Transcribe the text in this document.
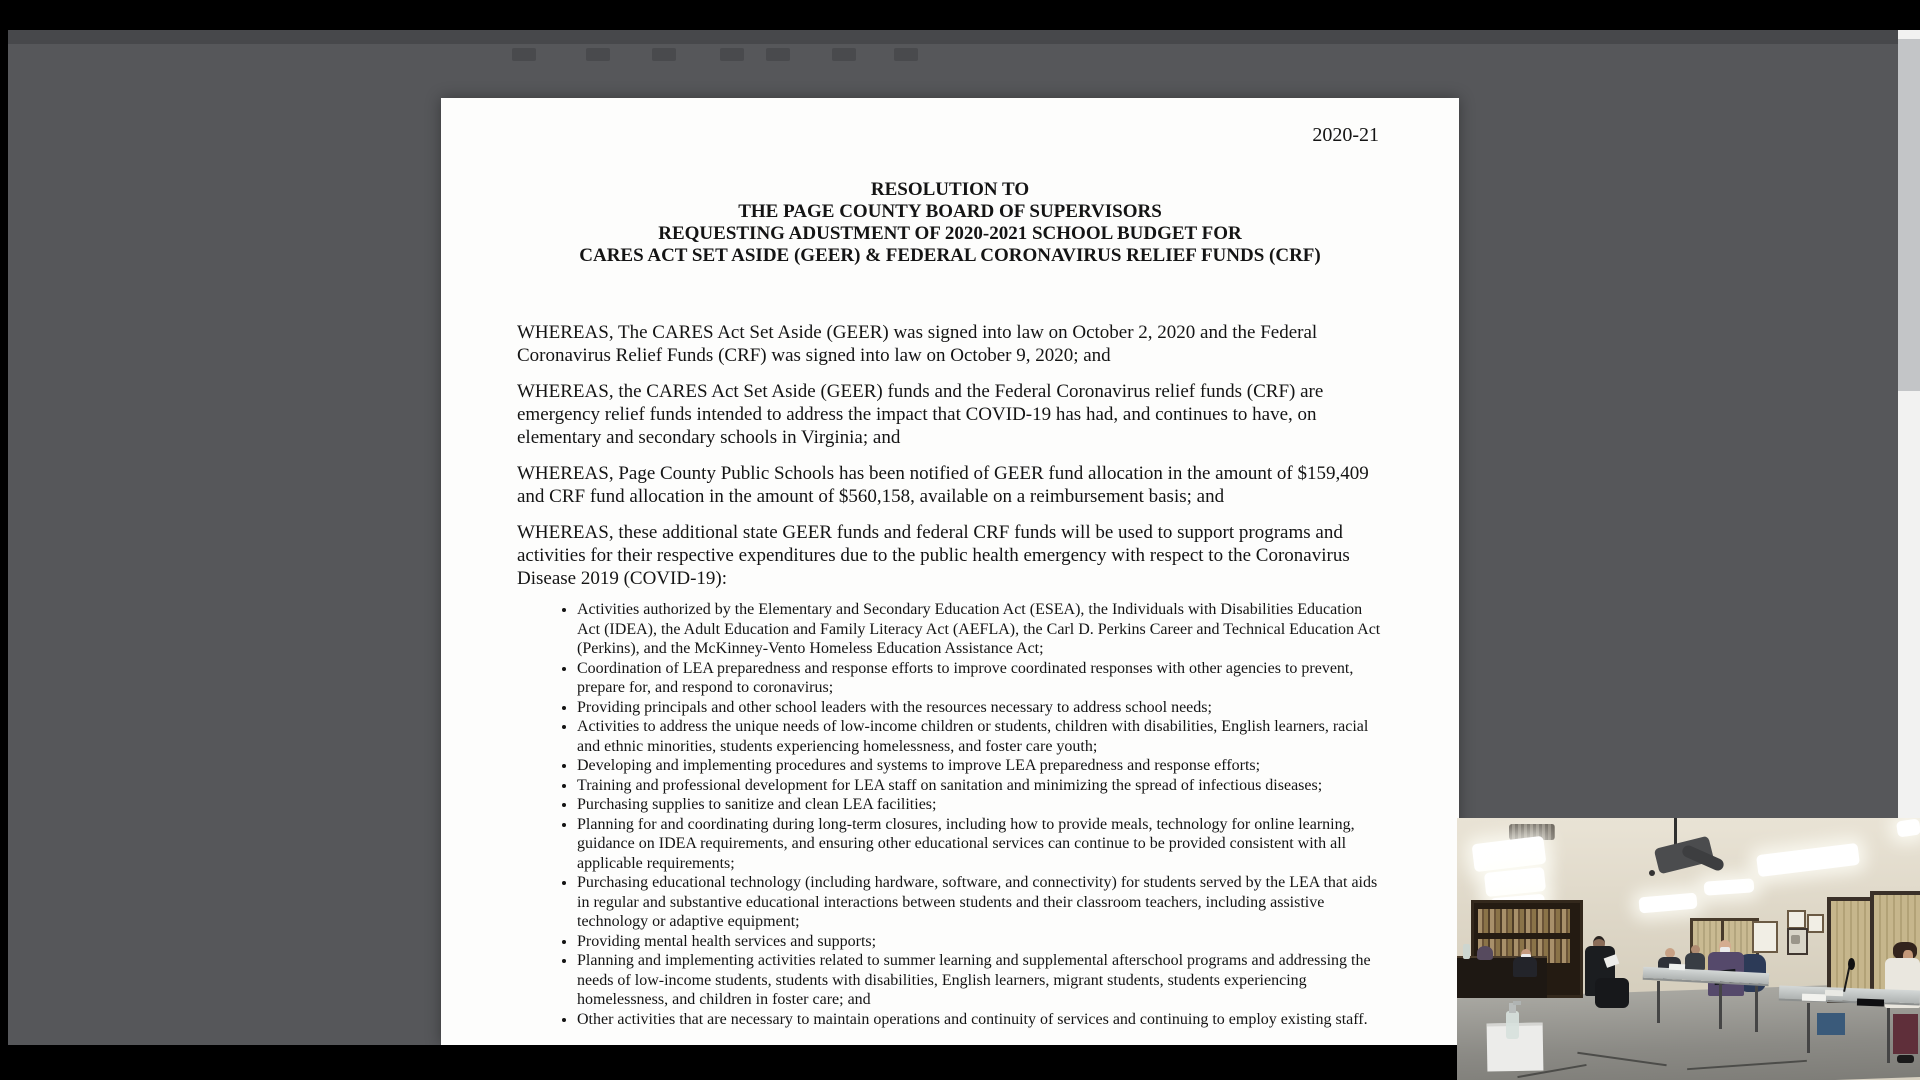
2020-21
RESOLUTION TO
THE PAGE COUNTY BOARD OF SUPERVISORS
REQUESTING ADUSTMENT OF 2020-2021 SCHOOL BUDGET FOR
CARES ACT SET ASIDE (GEER) & FEDERAL CORONAVIRUS RELIEF FUNDS (CRF)

WHEREAS, The CARES Act Set Aside (GEER) was signed into law on October 2, 2020 and the Federal Coronavirus Relief Funds (CRF) was signed into law on October 9, 2020; and

WHEREAS, the CARES Act Set Aside (GEER) funds and the Federal Coronavirus relief funds (CRF) are emergency relief funds intended to address the impact that COVID-19 has had, and continues to have, on elementary and secondary schools in Virginia; and

WHEREAS, Page County Public Schools has been notified of GEER fund allocation in the amount of $159,409 and CRF fund allocation in the amount of $560,158, available on a reimbursement basis; and

WHEREAS, these additional state GEER funds and federal CRF funds will be used to support programs and activities for their respective expenditures due to the public health emergency with respect to the Coronavirus Disease 2019 (COVID-19):

• Activities authorized by the Elementary and Secondary Education Act (ESEA), the Individuals with Disabilities Education Act (IDEA), the Adult Education and Family Literacy Act (AEFLA), the Carl D. Perkins Career and Technical Education Act (Perkins), and the McKinney-Vento Homeless Education Assistance Act;
• Coordination of LEA preparedness and response efforts to improve coordinated responses with other agencies to prevent, prepare for, and respond to coronavirus;
• Providing principals and other school leaders with the resources necessary to address school needs;
• Activities to address the unique needs of low-income children or students, children with disabilities, English learners, racial and ethnic minorities, students experiencing homelessness, and foster care youth;
• Developing and implementing procedures and systems to improve LEA preparedness and response efforts;
• Training and professional development for LEA staff on sanitation and minimizing the spread of infectious diseases;
• Purchasing supplies to sanitize and clean LEA facilities;
• Planning for and coordinating during long-term closures, including how to provide meals, technology for online learning, guidance on IDEA requirements, and ensuring other educational services can continue to be provided consistent with all applicable requirements;
• Purchasing educational technology (including hardware, software, and connectivity) for students served by the LEA that aids in regular and substantive educational interactions between students and their classroom teachers, including assistive technology or adaptive equipment;
• Providing mental health services and supports;
• Planning and implementing activities related to summer learning and supplemental afterschool programs and addressing the needs of low-income students, students with disabilities, English learners, migrant students, students experiencing homelessness, and children in foster care; and
• Other activities that are necessary to maintain operations and continuity of services and continuing to employ existing staff.
